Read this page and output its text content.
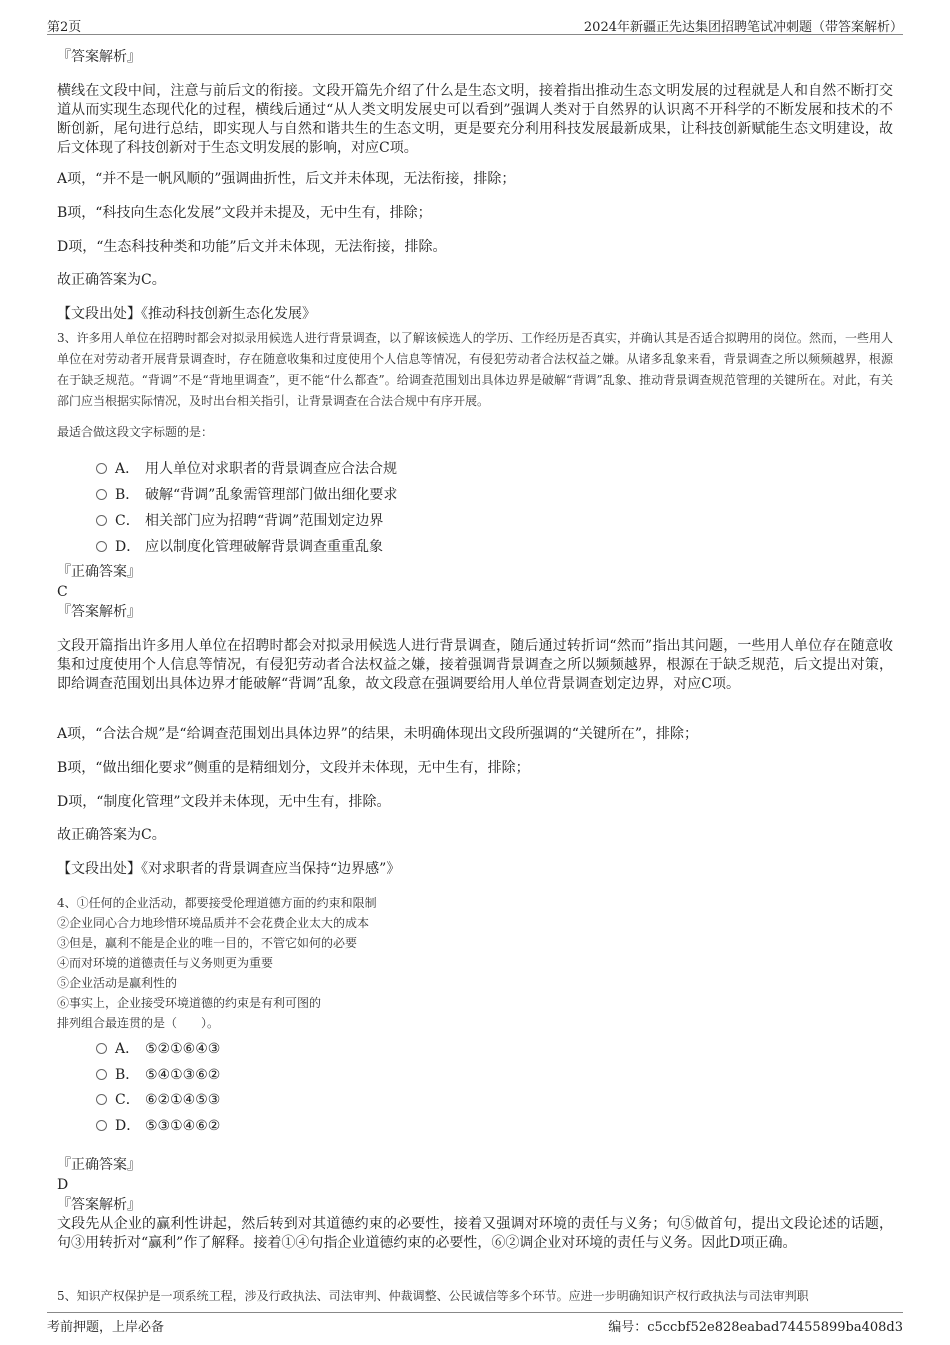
第2页	2024年新疆正先达集团招聘笔试冲刺题（带答案解析）
『答案解析』

横线在文段中间，注意与前后文的衔接。文段开篇先介绍了什么是生态文明，接着指出推动生态文明发展的过程就是人和自然不断打交道从而实现生态现代化的过程，横线后通过“从人类文明发展史可以看到”强调人类对于自然界的认识离不开科学的不断发展和技术的不断创新，尾句进行总结，即实现人与自然和谐共生的生态文明，更是要充分利用科技发展最新成果，让科技创新赋能生态文明建设，故后文体现了科技创新对于生态文明发展的影响，对应C项。

A项，“并不是一帆风顺的”强调曲折性，后文并未体现，无法衔接，排除；
B项，“科技向生态化发展”文段并未提及，无中生有，排除；
D项，“生态科技种类和功能”后文并未体现，无法衔接，排除。
故正确答案为C。
【文段出处】《推动科技创新生态化发展》

3、许多用人单位在招聘时都会对拟录用候选人进行背景调查，以了解该候选人的学历、工作经历是否真实，并确认其是否适合拟聘用的岗位。然而，一些用人单位在对劳动者开展背景调查时，存在随意收集和过度使用个人信息等情况，有侵犯劳动者合法权益之嫌。从诸多乱象来看，背景调查之所以频频越界，根源在于缺乏规范。“背调”不是“背地里调查”，更不能“什么都查”。给调查范围划出具体边界是破解“背调”乱象、推动背景调查规范管理的关键所在。对此，有关部门应当根据实际情况，及时出台相关指引，让背景调查在合法合规中有序开展。

最适合做这段文字标题的是：
A． 用人单位对求职者的背景调查应合法合规
B． 破解“背调”乱象需管理部门做出细化要求
C． 相关部门应为招聘“背调”范围划定边界
D． 应以制度化管理破解背景调查重重乱象
『正确答案』
C
『答案解析』

文段开篇指出许多用人单位在招聘时都会对拟录用候选人进行背景调查，随后通过转折词“然而”指出其问题，一些用人单位存在随意收集和过度使用个人信息等情况，有侵犯劳动者合法权益之嫌，接着强调背景调查之所以频频越界，根源在于缺乏规范，后文提出对策，即给调查范围划出具体边界才能破解“背调”乱象，故文段意在强调要给用人单位背景调查划定边界，对应C项。

A项，“合法合规”是“给调查范围划出具体边界”的结果，未明确体现出文段所强调的“关键所在”，排除；
B项，“做出细化要求”侧重的是精细划分，文段并未体现，无中生有，排除；
D项，“制度化管理”文段并未体现，无中生有，排除。
故正确答案为C。
【文段出处】《对求职者的背景调查应当保持“边界感”》
4、①任何的企业活动，都要接受伦理道德方面的约束和限制
②企业同心合力地珍惜环境品质并不会花费企业太大的成本
③但是，赢利不能是企业的唯一目的，不管它如何的必要
④而对环境的道德责任与义务则更为重要
⑤企业活动是赢利性的
⑥事实上，企业接受环境道德的约束是有利可图的
排列组合最连贯的是（　　）。
A． ⑤②①⑥④③
B． ⑤④①③⑥②
C． ⑥②①④⑤③
D． ⑤③①④⑥②
『正确答案』
D
『答案解析』

文段先从企业的赢利性讲起，然后转到对其道德约束的必要性，接着又强调对环境的责任与义务；句⑤做首句，提出文段论述的话题，句③用转折对“赢利”作了解释。接着①④句指企业道德约束的必要性，⑥②调企业对环境的责任与义务。因此D项正确。

5、知识产权保护是一项系统工程，涉及行政执法、司法审判、仲裁调整、公民诚信等多个环节。应进一步明确知识产权行政执法与司法审判职
考前押题，上岸必备	编号：c5ccbf52e828eabad74455899ba408d3
